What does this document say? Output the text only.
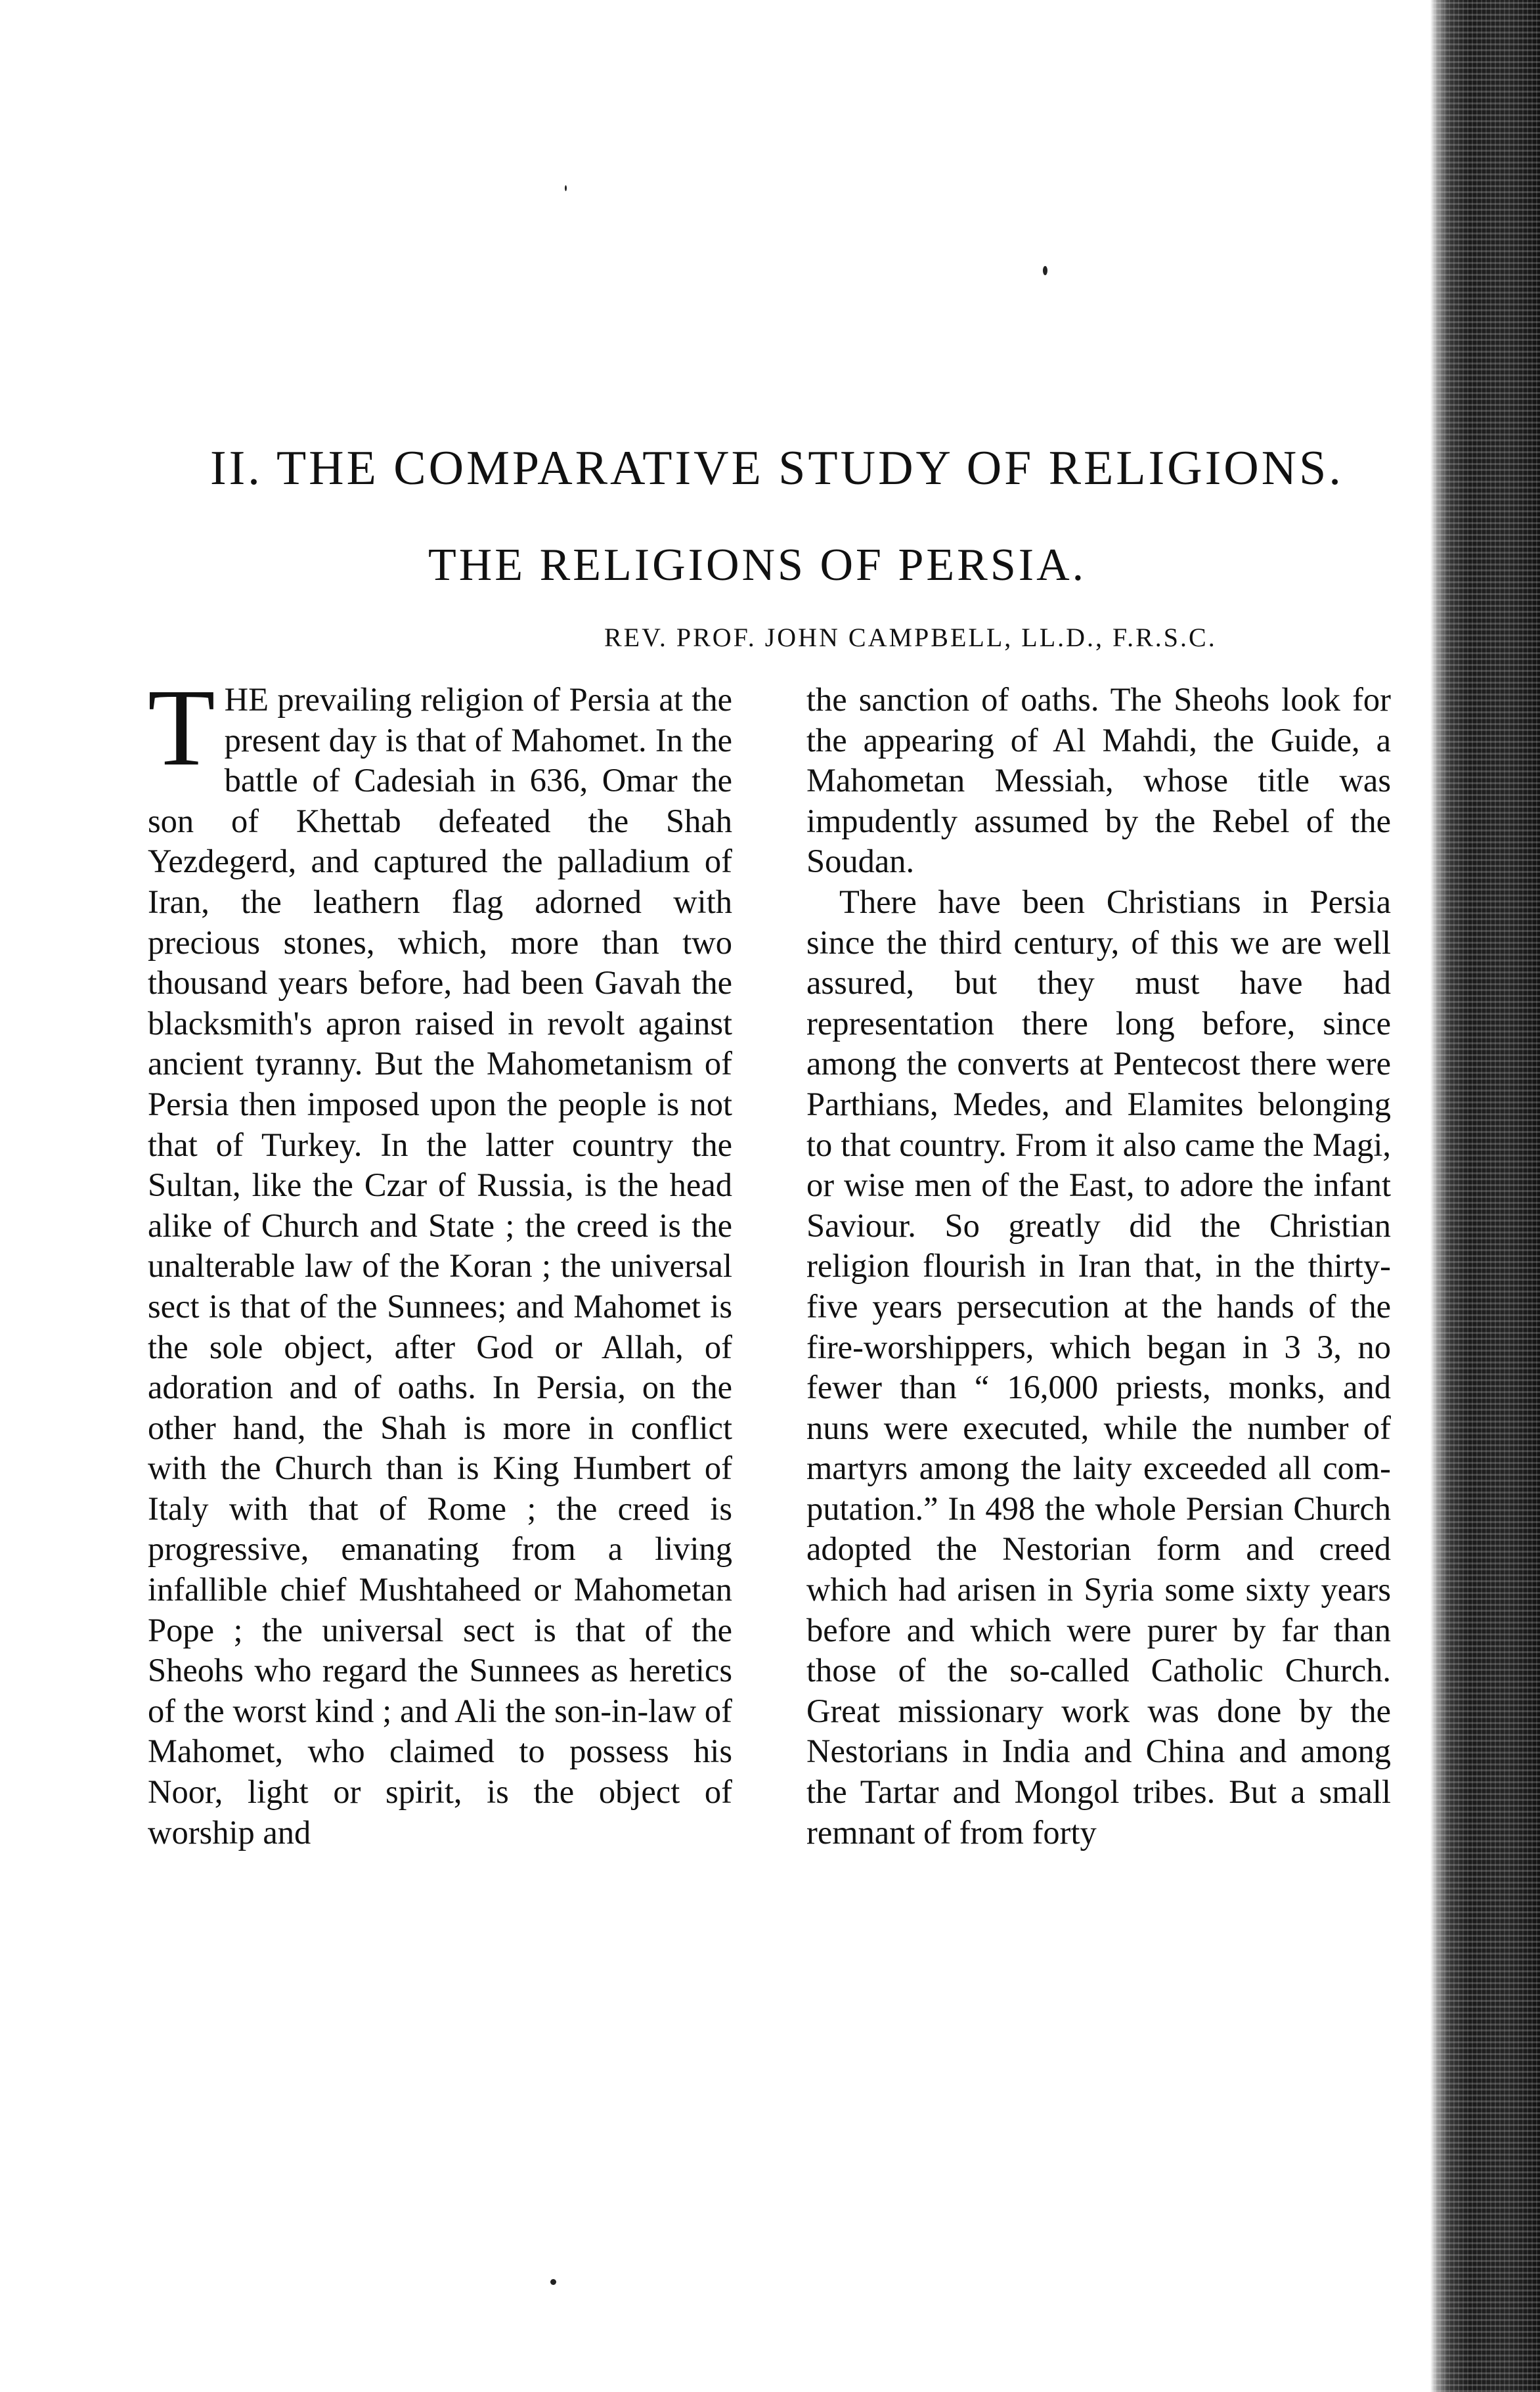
II. THE COMPARATIVE STUDY OF RELIGIONS.
THE RELIGIONS OF PERSIA.
REV. PROF. JOHN CAMPBELL, LL.D., F.R.S.C.

THE prevailing religion of Persia at the present day is that of Mahomet. In the battle of Cadesiah in 636, Omar the son of Khettab defeated the Shah Yezdegerd, and captured the palladium of Iran, the leathern flag adorned with precious stones, which, more than two thousand years before, had been Gavah the blacksmith's apron raised in revolt against ancient tyranny. But the Mahometanism of Persia then imposed upon the people is not that of Turkey. In the latter country the Sultan, like the Czar of Russia, is the head alike of Church and State ; the creed is the unalterable law of the Koran ; the universal sect is that of the Sunnees; and Mahomet is the sole object, after God or Allah, of adoration and of oaths. In Persia, on the other hand, the Shah is more in conflict with the Church than is King Humbert of Italy with that of Rome ; the creed is progressive, emanating from a living infallible chief Mushtaheed or Mahometan Pope ; the universal sect is that of the Sheohs who regard the Sunnees as heretics of the worst kind ; and Ali the son-in-law of Mahomet, who claimed to possess his Noor, light or spirit, is the object of worship and

the sanction of oaths. The Sheohs look for the appearing of Al Mahdi, the Guide, a Mahometan Messiah, whose title was impudently assumed by the Rebel of the Soudan.

There have been Christians in Persia since the third century, of this we are well assured, but they must have had representation there long before, since among the converts at Pentecost there were Parthians, Medes, and Elamites belonging to that country. From it also came the Magi, or wise men of the East, to adore the infant Saviour. So greatly did the Christian religion flourish in Iran that, in the thirty-five years persecution at the hands of the fire-worshippers, which began in 3 3, no fewer than “ 16,000 priests, monks, and nuns were executed, while the number of martyrs among the laity exceeded all computation.” In 498 the whole Persian Church adopted the Nestorian form and creed which had arisen in Syria some sixty years before and which were purer by far than those of the so-called Catholic Church. Great missionary work was done by the Nestorians in India and China and among the Tartar and Mongol tribes. But a small remnant of from forty
